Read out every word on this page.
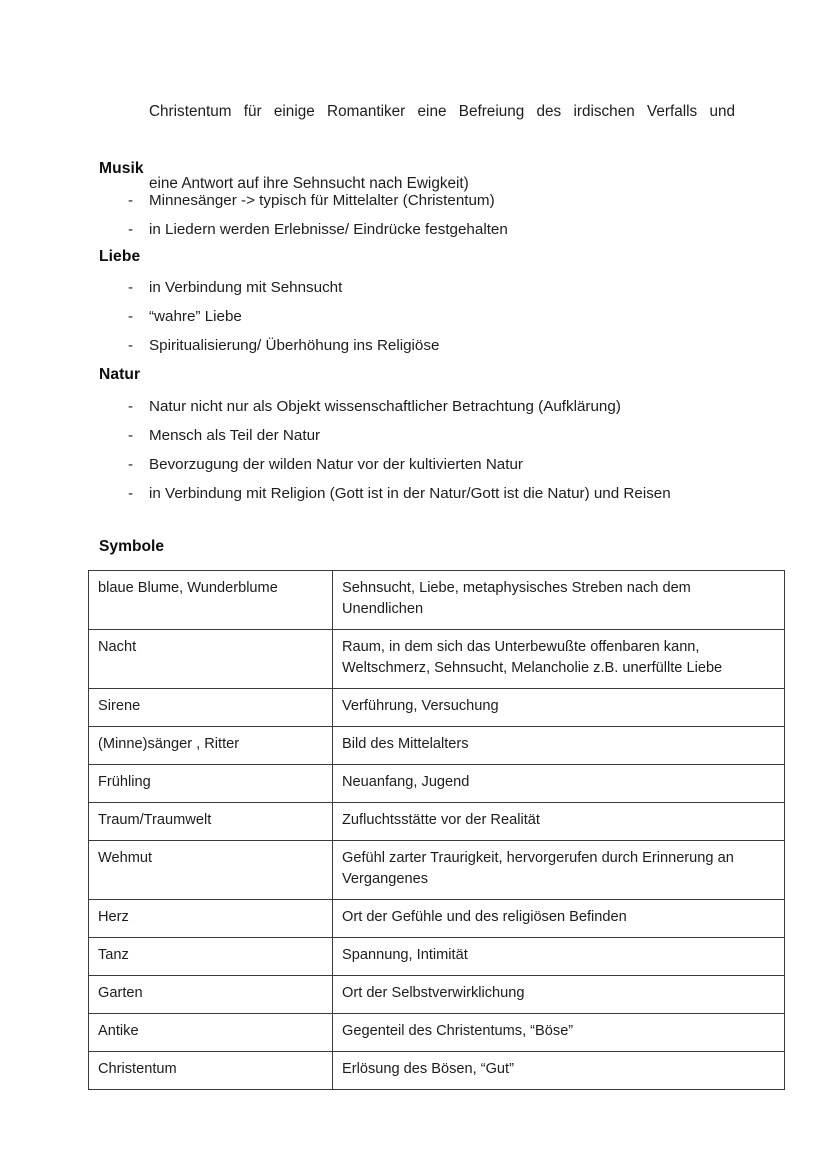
Christentum für einige Romantiker eine Befreiung des irdischen Verfalls und
eine Antwort auf ihre Sehnsucht nach Ewigkeit)
Musik
-	Minnesänger -> typisch für Mittelalter (Christentum)
-	in Liedern werden Erlebnisse/ Eindrücke festgehalten
Liebe
-	in Verbindung mit Sehnsucht
-	“wahre” Liebe
-	Spiritualisierung/ Überhöhung ins Religiöse
Natur
-	Natur nicht nur als Objekt wissenschaftlicher Betrachtung (Aufklärung)
-	Mensch als Teil der Natur
-	Bevorzugung der wilden Natur vor der kultivierten Natur
-	in Verbindung mit Religion (Gott ist in der Natur/Gott ist die Natur) und Reisen
Symbole
blaue Blume, Wunderblume	Sehnsucht, Liebe, metaphysisches Streben nach dem Unendlichen
Nacht	Raum, in dem sich das Unterbewußte offenbaren kann, Weltschmerz, Sehnsucht, Melancholie z.B. unerfüllte Liebe
Sirene	Verführung, Versuchung
(Minne)sänger , Ritter	Bild des Mittelalters
Frühling	Neuanfang, Jugend
Traum/Traumwelt	Zufluchtsstätte vor der Realität
Wehmut	Gefühl zarter Traurigkeit, hervorgerufen durch Erinnerung an Vergangenes
Herz	Ort der Gefühle und des religiösen Befinden
Tanz	Spannung, Intimität
Garten	Ort der Selbstverwirklichung
Antike	Gegenteil des Christentums, “Böse”
Christentum	Erlösung des Bösen, “Gut”
